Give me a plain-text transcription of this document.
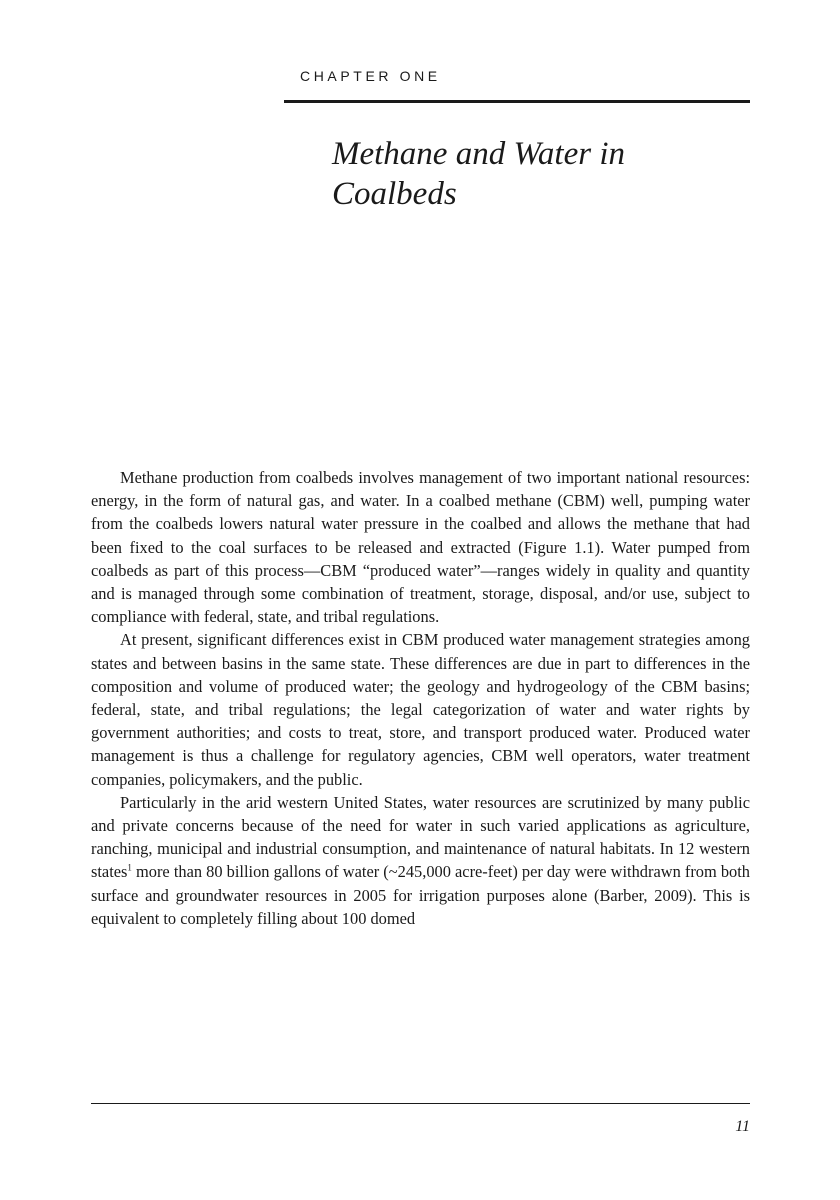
CHAPTER ONE
Methane and Water in
Coalbeds

Methane production from coalbeds involves management of two important national resources: energy, in the form of natural gas, and water. In a coalbed methane (CBM) well, pumping water from the coalbeds lowers natural water pressure in the coalbed and allows the methane that had been fixed to the coal surfaces to be released and extracted (Figure 1.1). Water pumped from coalbeds as part of this process—CBM “produced water”—ranges widely in quality and quantity and is managed through some combination of treatment, storage, disposal, and/or use, subject to compliance with federal, state, and tribal regulations.

At present, significant differences exist in CBM produced water management strategies among states and between basins in the same state. These differences are due in part to differences in the composition and volume of produced water; the geology and hydrogeology of the CBM basins; federal, state, and tribal regulations; the legal categorization of water and water rights by government authorities; and costs to treat, store, and transport produced water. Produced water management is thus a challenge for regulatory agencies, CBM well operators, water treatment companies, policymakers, and the public.

Particularly in the arid western United States, water resources are scrutinized by many public and private concerns because of the need for water in such varied applications as agriculture, ranching, municipal and industrial consumption, and maintenance of natural habitats. In 12 western states$^1$ more than 80 billion gallons of water (~245,000 acre-feet) per day were withdrawn from both surface and groundwater resources in 2005 for irrigation purposes alone (Barber, 2009). This is equivalent to completely filling about 100 domed

11
